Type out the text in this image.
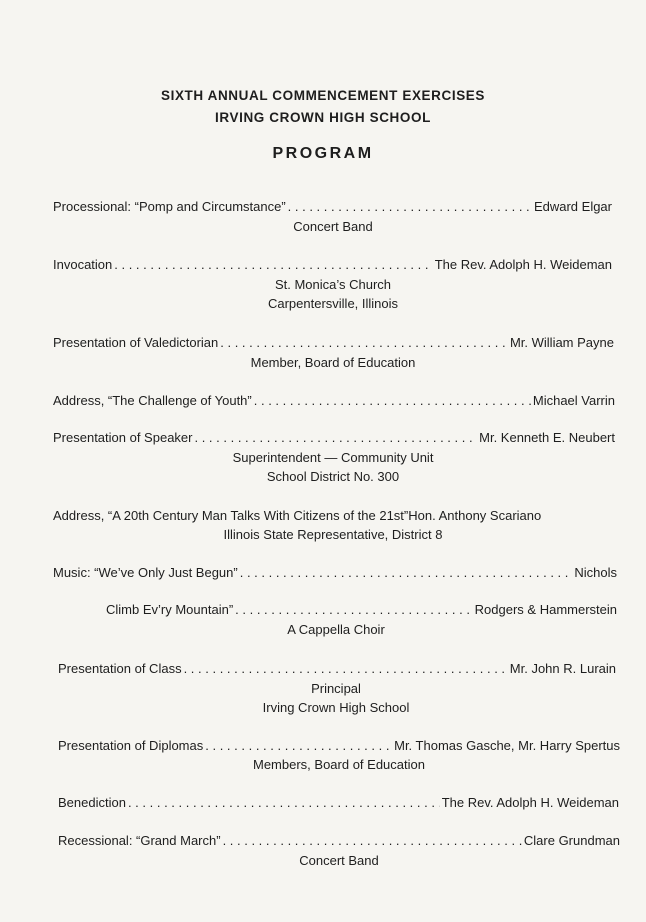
SIXTH ANNUAL COMMENCEMENT EXERCISES
IRVING CROWN HIGH SCHOOL
PROGRAM
Processional: “Pomp and Circumstance” . . .	Edward Elgar
Concert Band
Invocation . . .	The Rev. Adolph H. Weideman
St. Monica’s Church
Carpentersville, Illinois
Presentation of Valedictorian . . .	Mr. William Payne
Member, Board of Education
Address, “The Challenge of Youth” . . .	Michael Varrin
Presentation of Speaker . . .	Mr. Kenneth E. Neubert
Superintendent — Community Unit
School District No. 300
Address, “A 20th Century Man Talks With Citizens of the 21st” Hon. Anthony Scariano
Illinois State Representative, District 8
Music: “We’ve Only Just Begun” . . .	Nichols
Climb Ev’ry Mountain” . . .	Rodgers & Hammerstein
A Cappella Choir
Presentation of Class . . .	Mr. John R. Lurain
Principal
Irving Crown High School
Presentation of Diplomas . . .	Mr. Thomas Gasche, Mr. Harry Spertus
Members, Board of Education
Benediction . . .	The Rev. Adolph H. Weideman
Recessional: “Grand March” . . .	Clare Grundman
Concert Band
